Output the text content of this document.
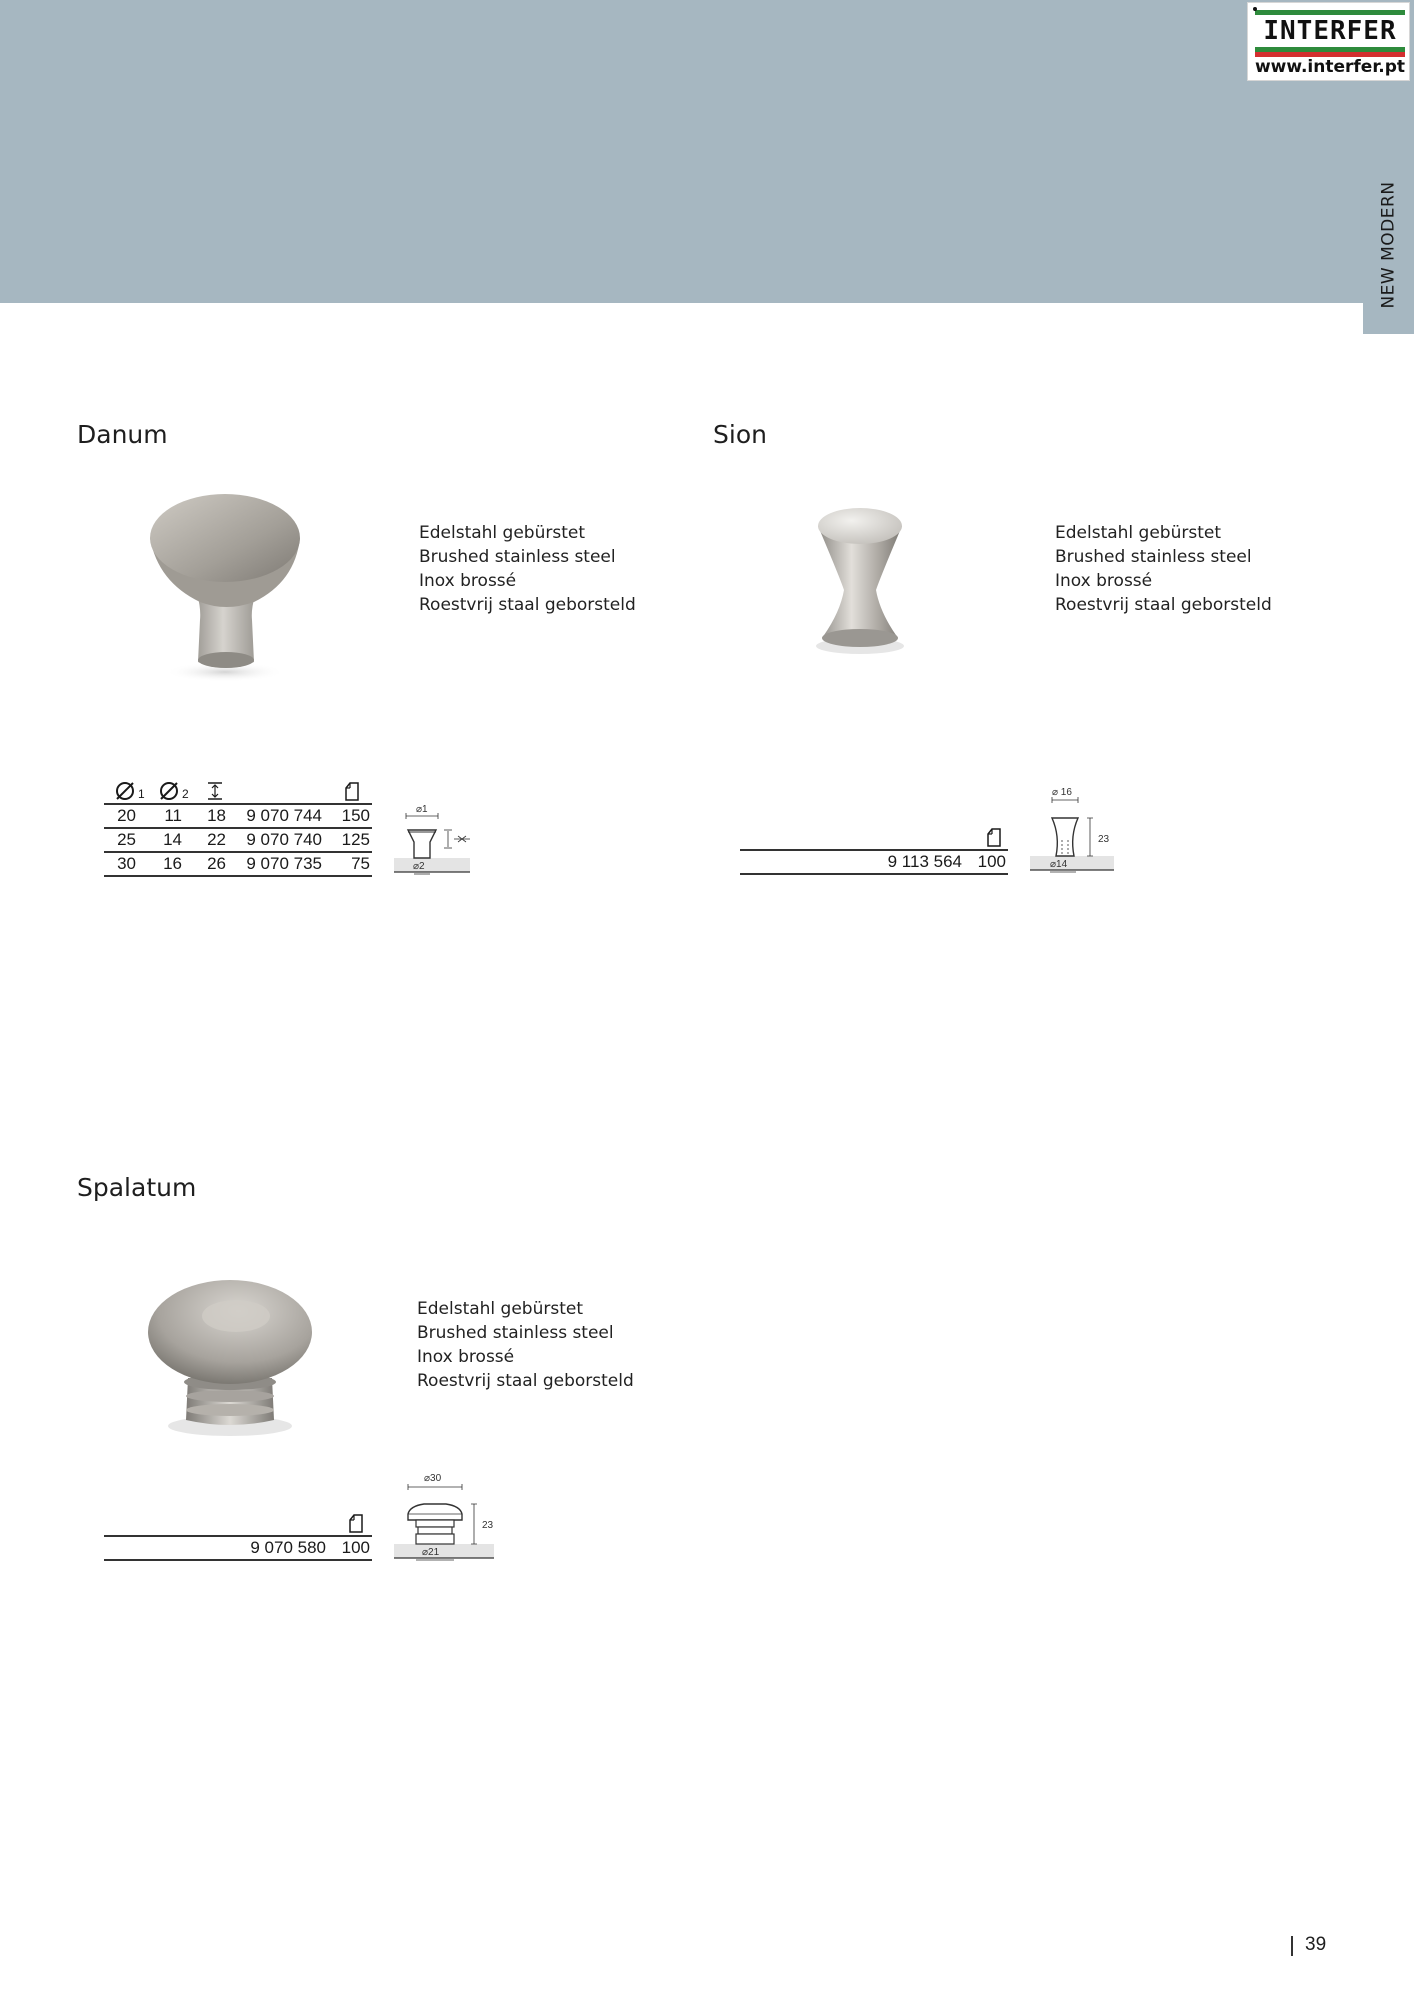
NEW MODERN
INTERFER
www.interfer.pt
Danum
Edelstahl gebürstet
Brushed stainless steel
Inox brossé
Roestvrij staal geborsteld
1	2
20	11	18	9 070 744	150
25	14	22	9 070 740	125
30	16	26	9 070 735	75
⌀1
⌀2
Sion
Edelstahl gebürstet
Brushed stainless steel
Inox brossé
Roestvrij staal geborsteld
9 113 564 100
⌀ 16
23
⌀14
Spalatum
Edelstahl gebürstet
Brushed stainless steel
Inox brossé
Roestvrij staal geborsteld
9 070 580 100
⌀30
23
⌀21
39
